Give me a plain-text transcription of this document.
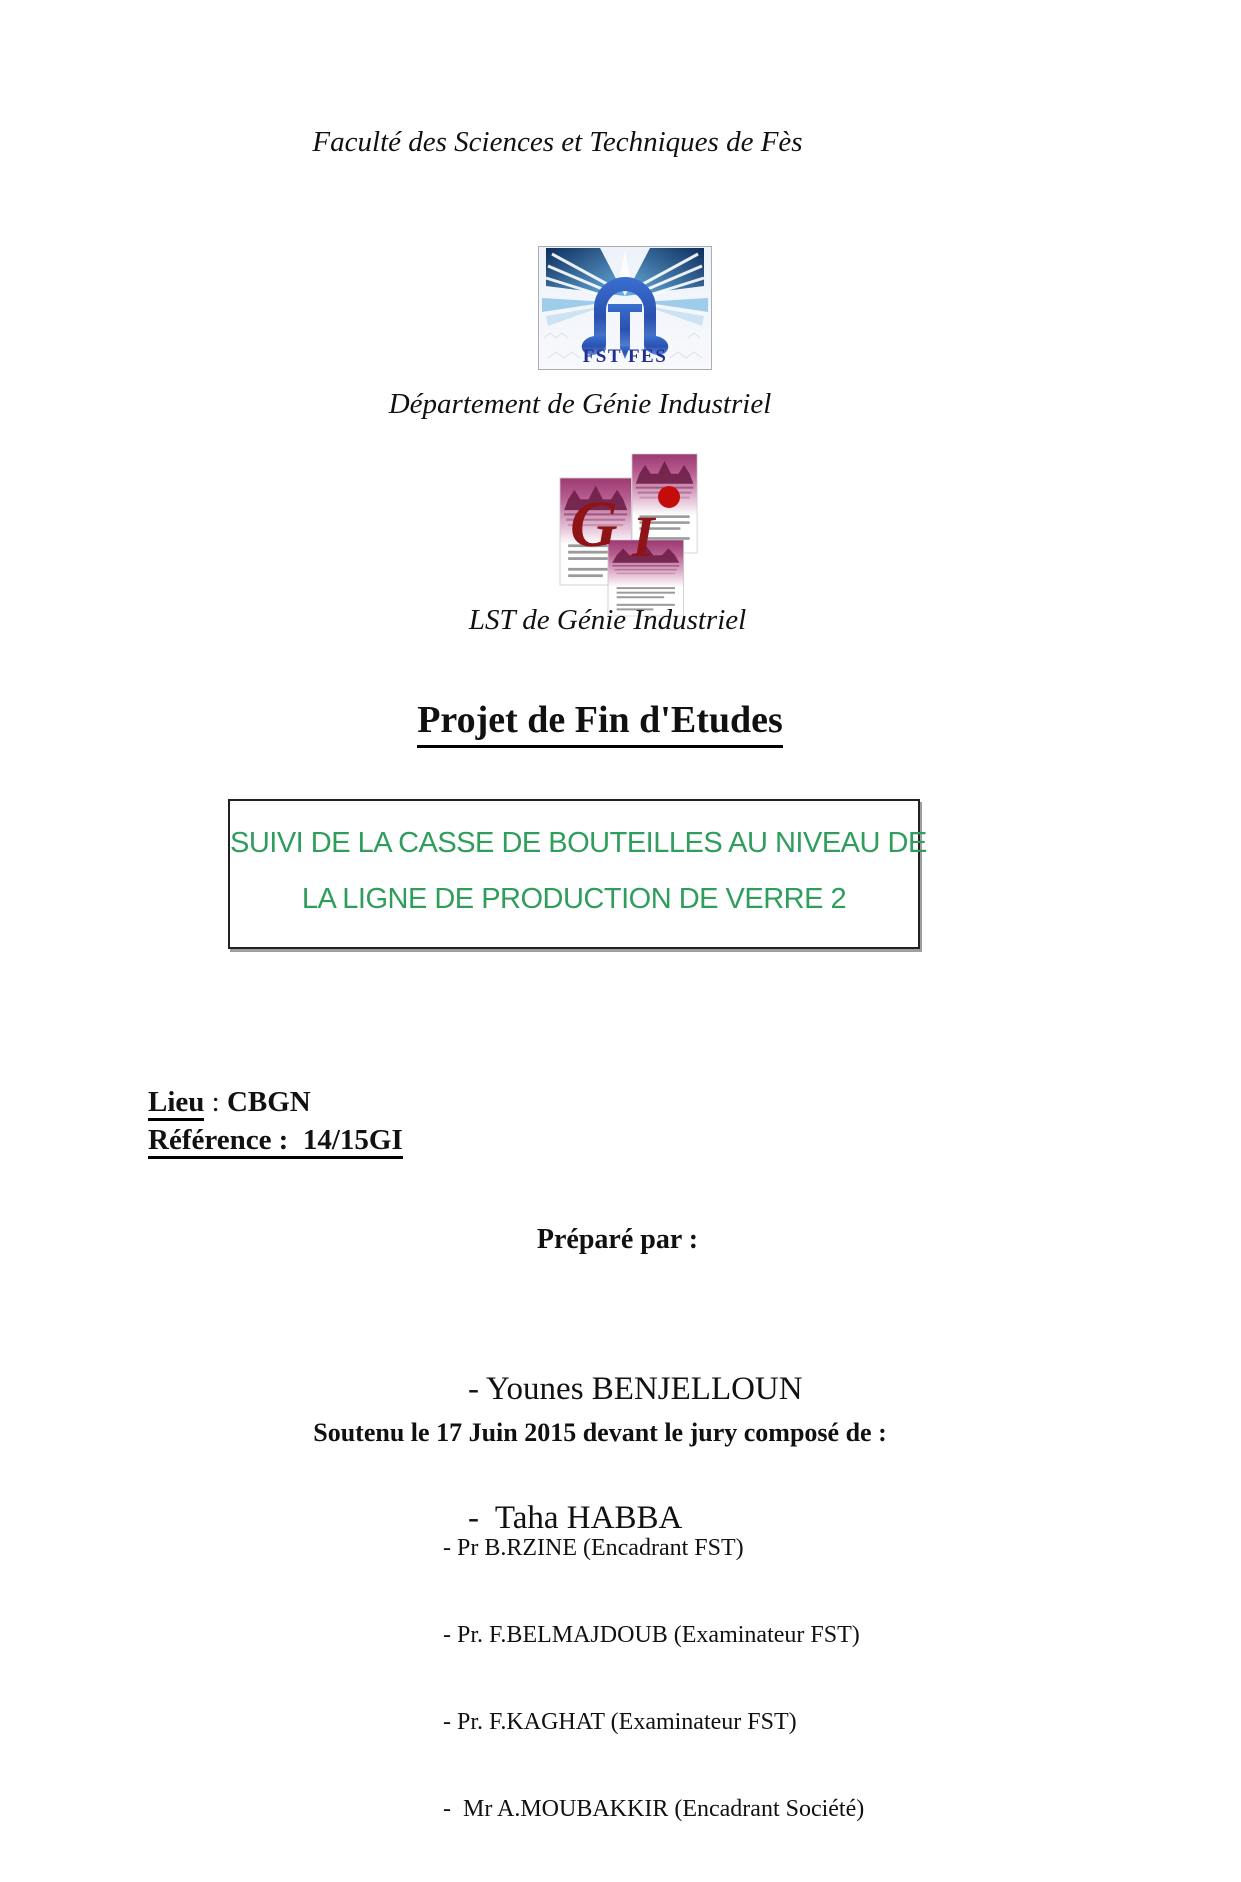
Faculté des Sciences et Techniques de Fès
FST FES
Département de Génie Industriel
G I
LST de Génie Industriel
Projet de Fin d'Etudes
SUIVI DE LA CASSE DE BOUTEILLES AU NIVEAU DE
LA LIGNE DE PRODUCTION DE VERRE 2
Lieu : CBGN
Référence :  14/15GI
Préparé par :

- Younes BENJELLOUN

-  Taha HABBA

Soutenu le 17 Juin 2015 devant le jury composé de :

- Pr B.RZINE (Encadrant FST)

- Pr. F.BELMAJDOUB (Examinateur FST)

- Pr. F.KAGHAT (Examinateur FST)

-  Mr A.MOUBAKKIR (Encadrant Société)
